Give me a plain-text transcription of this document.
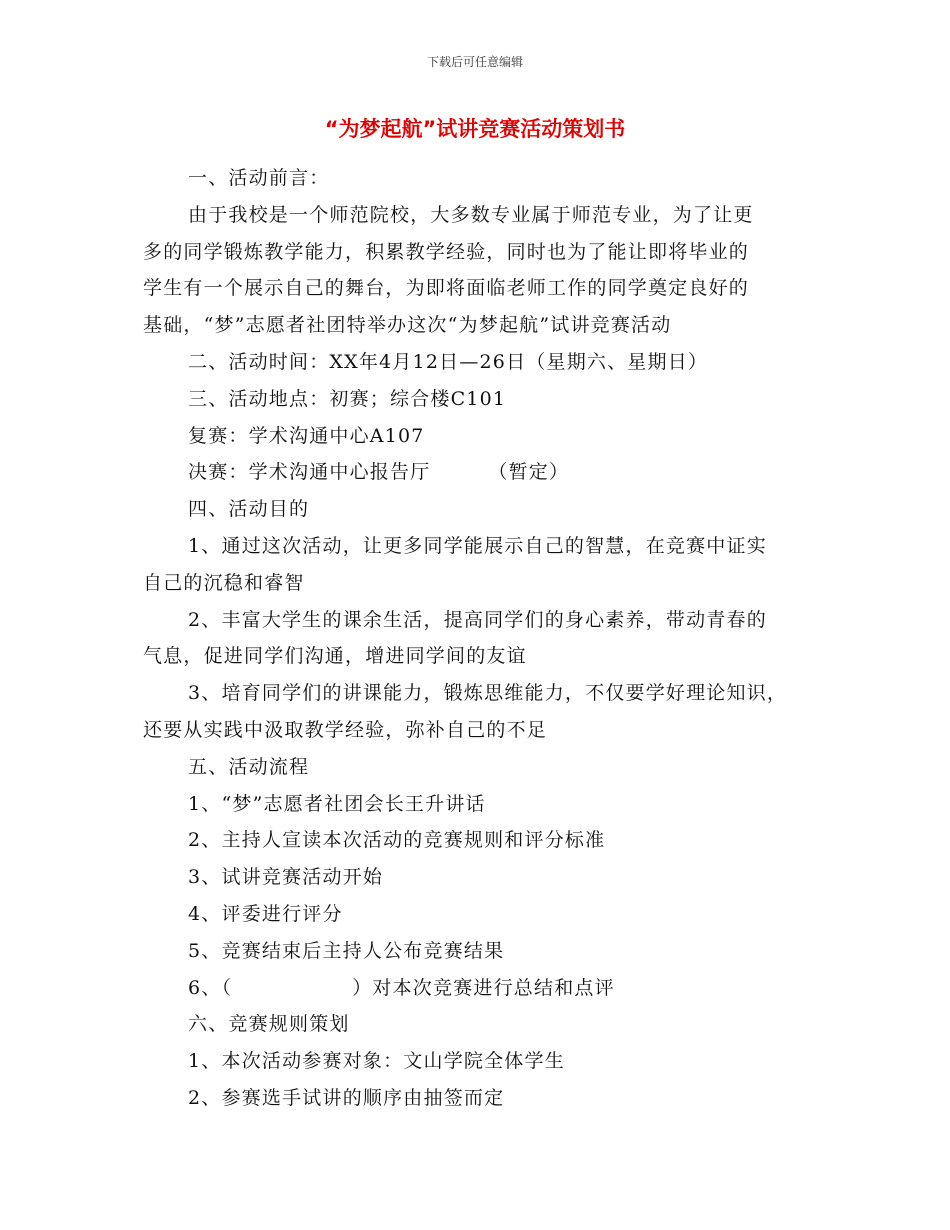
下载后可任意编辑
“为梦起航”试讲竞赛活动策划书

一、活动前言：

由于我校是一个师范院校，大多数专业属于师范专业，为了让更

多的同学锻炼教学能力，积累教学经验，同时也为了能让即将毕业的

学生有一个展示自己的舞台，为即将面临老师工作的同学奠定良好的

基础，“梦”志愿者社团特举办这次“为梦起航”试讲竞赛活动

二、活动时间：XX年4月12日—26日（星期六、星期日）

三、活动地点：初赛；综合楼C101

复赛：学术沟通中心A107

决赛：学术沟通中心报告厅	（暂定）

四、活动目的

1、通过这次活动，让更多同学能展示自己的智慧，在竞赛中证实

自己的沉稳和睿智

2、丰富大学生的课余生活，提高同学们的身心素养，带动青春的

气息，促进同学们沟通，增进同学间的友谊

3、培育同学们的讲课能力，锻炼思维能力，不仅要学好理论知识，

还要从实践中汲取教学经验，弥补自己的不足

五、活动流程

1、“梦”志愿者社团会长王升讲话

2、主持人宣读本次活动的竞赛规则和评分标准

3、试讲竞赛活动开始

4、评委进行评分

5、竞赛结束后主持人公布竞赛结果

6、（	）对本次竞赛进行总结和点评

六、竞赛规则策划

1、本次活动参赛对象：文山学院全体学生

2、参赛选手试讲的顺序由抽签而定
